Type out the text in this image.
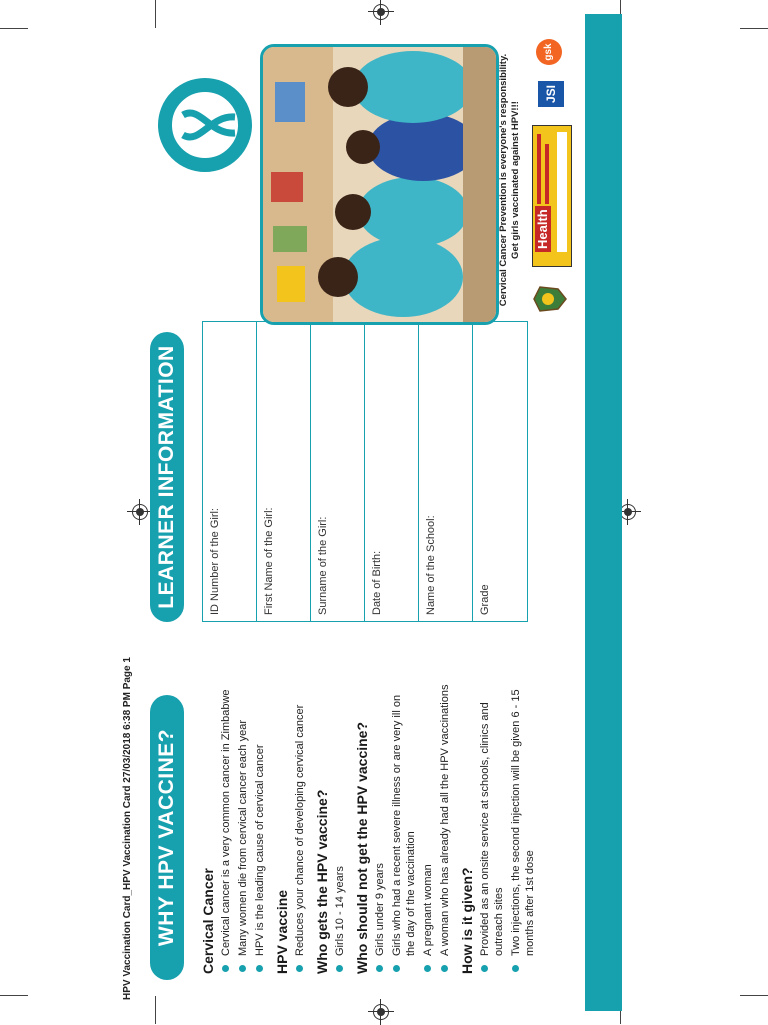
HPV Vaccination Card_HPV Vaccination Card 27/03/2018 6:38 PM Page 1 WHY HPV VACCINE?	Cervical Cancer Cervical cancer is a very common cancer in Zimbabwe Many women die from cervical cancer each year HPV is the leading cause of cervical cancer HPV vaccine Reduces your chance of developing cervical cancer Who gets the HPV vaccine? Girls 10 - 14 years Who should not get the HPV vaccine? Girls under 9 years Girls who had a recent severe illness or are very ill on the day of the vaccination A pregnant woman A woman who has already had all the HPV vaccinations How is it given? Provided as an onsite service at schools, clinics and outreach sites Two injections, the second injection will be given 6 - 15 months after 1st dose
LEARNER INFORMATION	ID Number of the Girl:	First Name of the Girl:	Surname of the Girl:	Date of Birth:	Name of the School:	Grade
Cervical Cancer Prevention is everyone's responsibility. Get girls vaccinated against HPV!!! Health
JSI
gsk
